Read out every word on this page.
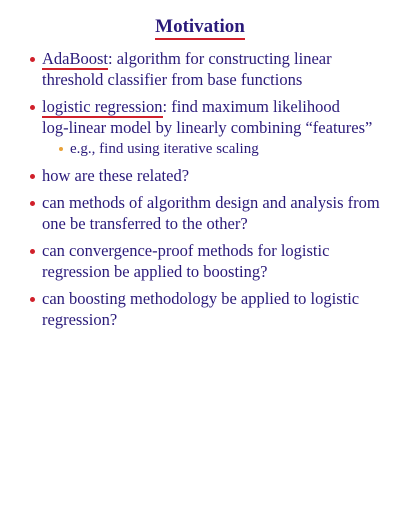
Motivation
AdaBoost: algorithm for constructing linear
threshold classifier from base functions
logistic regression: find maximum likelihood
log-linear model by linearly combining “features”
e.g., find using iterative scaling
how are these related?
can methods of algorithm design and analysis from
one be transferred to the other?
can convergence-proof methods for logistic
regression be applied to boosting?
can boosting methodology be applied to logistic
regression?
